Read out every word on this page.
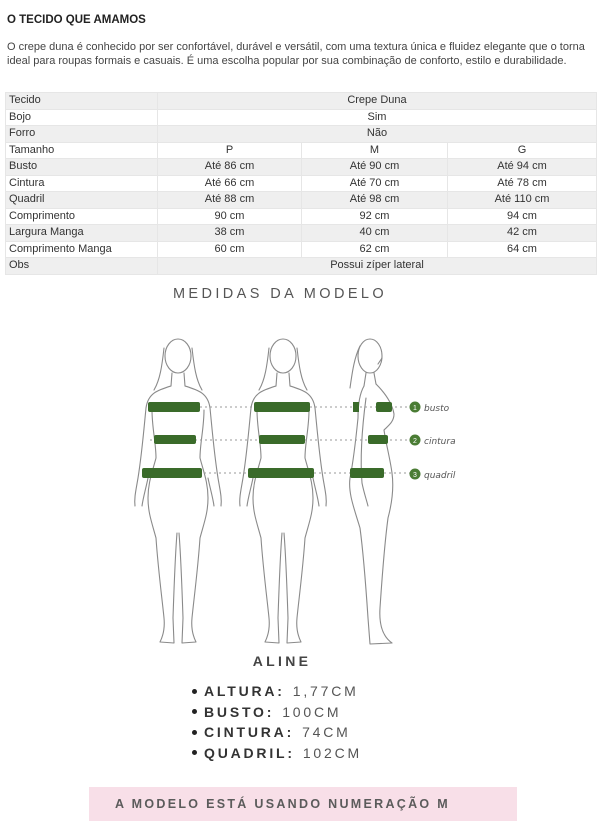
O TECIDO QUE AMAMOS
O crepe duna é conhecido por ser confortável, durável e versátil, com uma textura única e fluidez elegante que o torna ideal para roupas formais e casuais. É uma escolha popular por sua combinação de conforto, estilo e durabilidade.
Tecido	Crepe Duna		
Bojo	Sim		
Forro	Não		
Tamanho	P	M	G
Busto	Até 86 cm	Até 90 cm	Até 94 cm
Cintura	Até 66 cm	Até 70 cm	Até 78 cm
Quadril	Até 88 cm	Até 98 cm	Até 110 cm
Comprimento	90 cm	92 cm	94 cm
Largura Manga	38 cm	40 cm	42 cm
Comprimento Manga	60 cm	62 cm	64 cm
Obs	Possui zíper lateral		
MEDIDAS DA MODELO
1 busto
2 cintura
3 quadril
ALINE
ALTURA: 1,77CM
BUSTO: 100CM
CINTURA: 74CM
QUADRIL: 102CM
A MODELO ESTÁ USANDO NUMERAÇÃO M
